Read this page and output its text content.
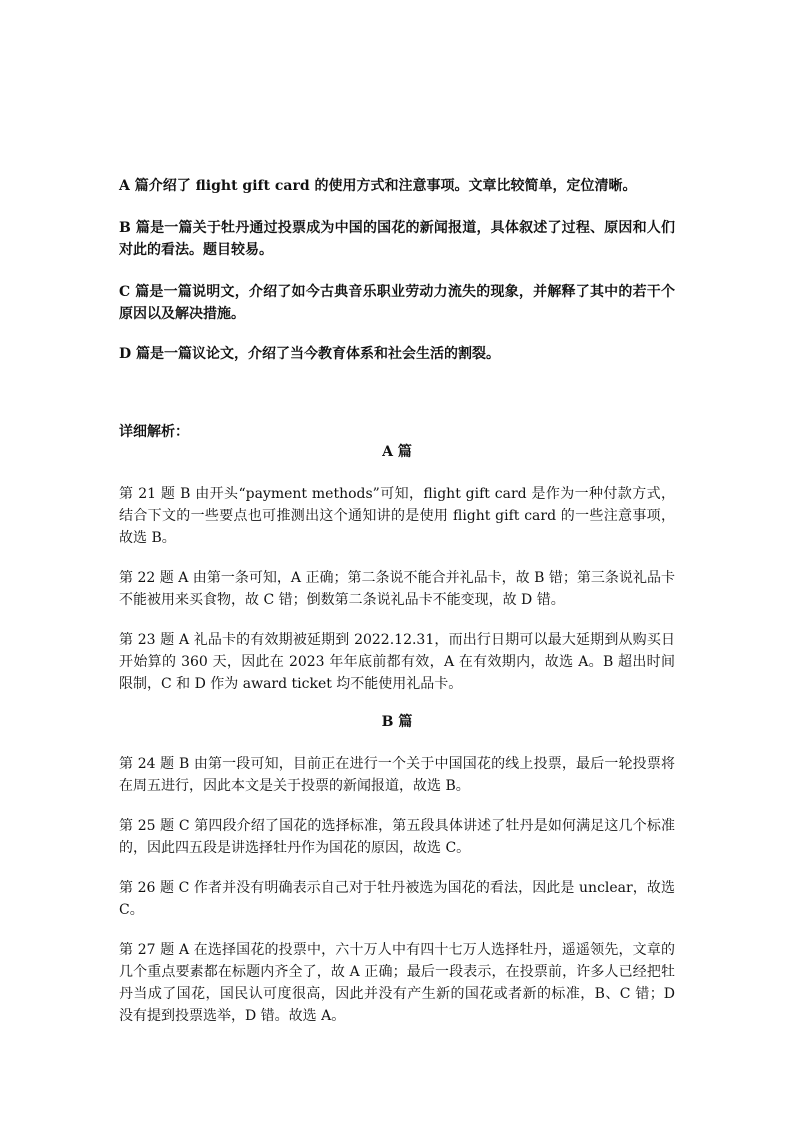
A 篇介绍了 flight gift card 的使用方式和注意事项。文章比较简单，定位清晰。

B 篇是一篇关于牡丹通过投票成为中国的国花的新闻报道，具体叙述了过程、原因和人们对此的看法。题目较易。

C 篇是一篇说明文，介绍了如今古典音乐职业劳动力流失的现象，并解释了其中的若干个原因以及解决措施。

D 篇是一篇议论文，介绍了当今教育体系和社会生活的割裂。

详细解析：

A 篇

第 21 题 B 由开头“payment methods”可知，flight gift card 是作为一种付款方式，结合下文的一些要点也可推测出这个通知讲的是使用 flight gift card 的一些注意事项，故选 B。

第 22 题 A 由第一条可知，A 正确；第二条说不能合并礼品卡，故 B 错；第三条说礼品卡不能被用来买食物，故 C 错；倒数第二条说礼品卡不能变现，故 D 错。

第 23 题 A 礼品卡的有效期被延期到 2022.12.31，而出行日期可以最大延期到从购买日开始算的 360 天，因此在 2023 年年底前都有效，A 在有效期内，故选 A。B 超出时间限制，C 和 D 作为 award ticket 均不能使用礼品卡。

B 篇

第 24 题 B 由第一段可知，目前正在进行一个关于中国国花的线上投票，最后一轮投票将在周五进行，因此本文是关于投票的新闻报道，故选 B。

第 25 题 C 第四段介绍了国花的选择标准，第五段具体讲述了牡丹是如何满足这几个标准的，因此四五段是讲选择牡丹作为国花的原因，故选 C。

第 26 题 C 作者并没有明确表示自己对于牡丹被选为国花的看法，因此是 unclear，故选 C。

第 27 题 A 在选择国花的投票中，六十万人中有四十七万人选择牡丹，遥遥领先，文章的几个重点要素都在标题内齐全了，故 A 正确；最后一段表示，在投票前，许多人已经把牡丹当成了国花，国民认可度很高，因此并没有产生新的国花或者新的标准，B、C 错；D 没有提到投票选举，D 错。故选 A。
